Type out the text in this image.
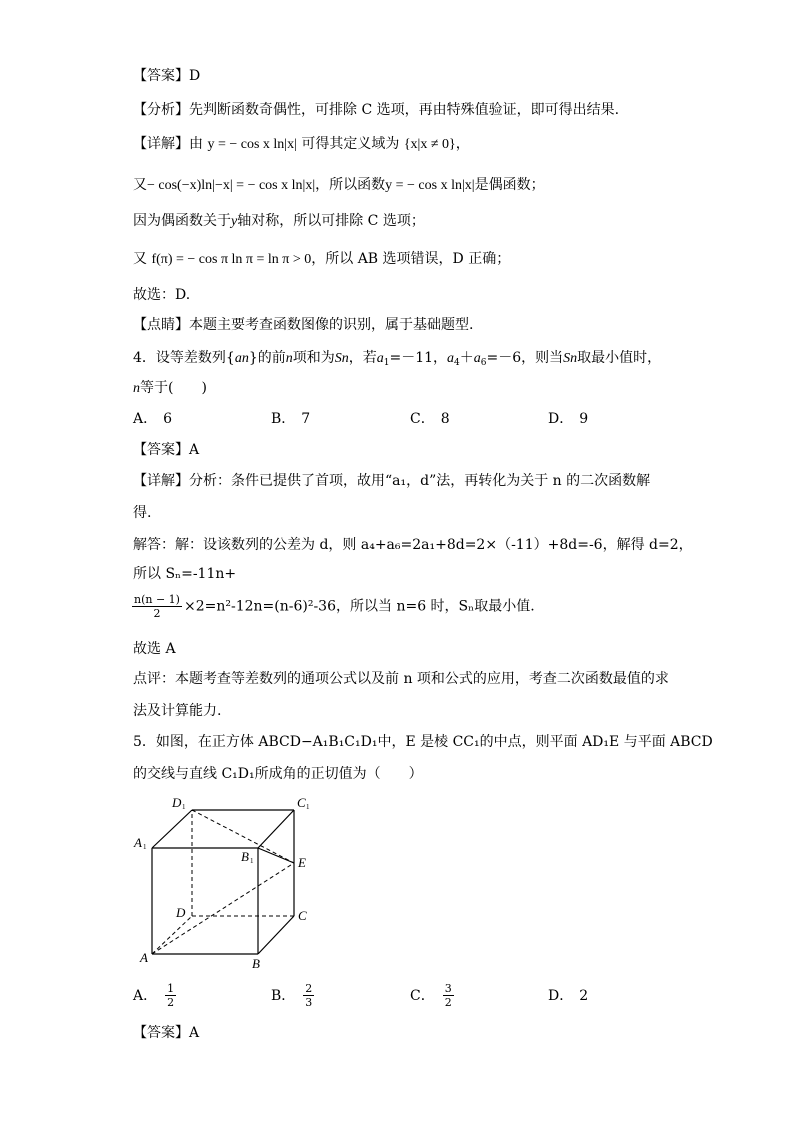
【答案】D
【分析】先判断函数奇偶性，可排除 C 选项，再由特殊值验证，即可得出结果.
【详解】由 y = − cos x ln|x| 可得其定义域为 {x|x ≠ 0}，
又− cos(−x)ln|−x| = − cos x ln|x|，所以函数y = − cos x ln|x|是偶函数；
因为偶函数关于y轴对称，所以可排除 C 选项；
又 f(π) = − cos π ln π = ln π > 0，所以 AB 选项错误，D 正确；
故选：D.
【点睛】本题主要考查函数图像的识别，属于基础题型.
4．设等差数列{an}的前n项和为Sn，若$a_1=-11$，$a_4+a_6=-6$，则当Sn取最小值时，
n等于(　　)
A． 6	B． 7	C． 8	D． 9
【答案】A
【详解】分析：条件已提供了首项，故用“a₁，d”法，再转化为关于 n 的二次函数解
得.
解答：解：设该数列的公差为 d，则 a₄+a₆=2a₁+8d=2×（-11）+8d=-6，解得 d=2，
所以 Sₙ=-11n+
$\frac{n(n - 1)}{2} \times 2=n^2-12n=(n-6)^2-36$，所以当 n=6 时，Sₙ取最小值.
故选 A
点评：本题考查等差数列的通项公式以及前 n 项和公式的应用，考查二次函数最值的求
法及计算能力.
5．如图，在正方体 ABCD−A₁B₁C₁D₁中，E 是棱 CC₁的中点，则平面 AD₁E 与平面 ABCD
的交线与直线 C₁D₁所成角的正切值为（　　）
D 1	C 1
A 1
B 1	E
D	C
A	B
A． $\frac{1}{2}$	B． $\frac{2}{3}$	C． $\frac{3}{2}$	D． 2
【答案】A
